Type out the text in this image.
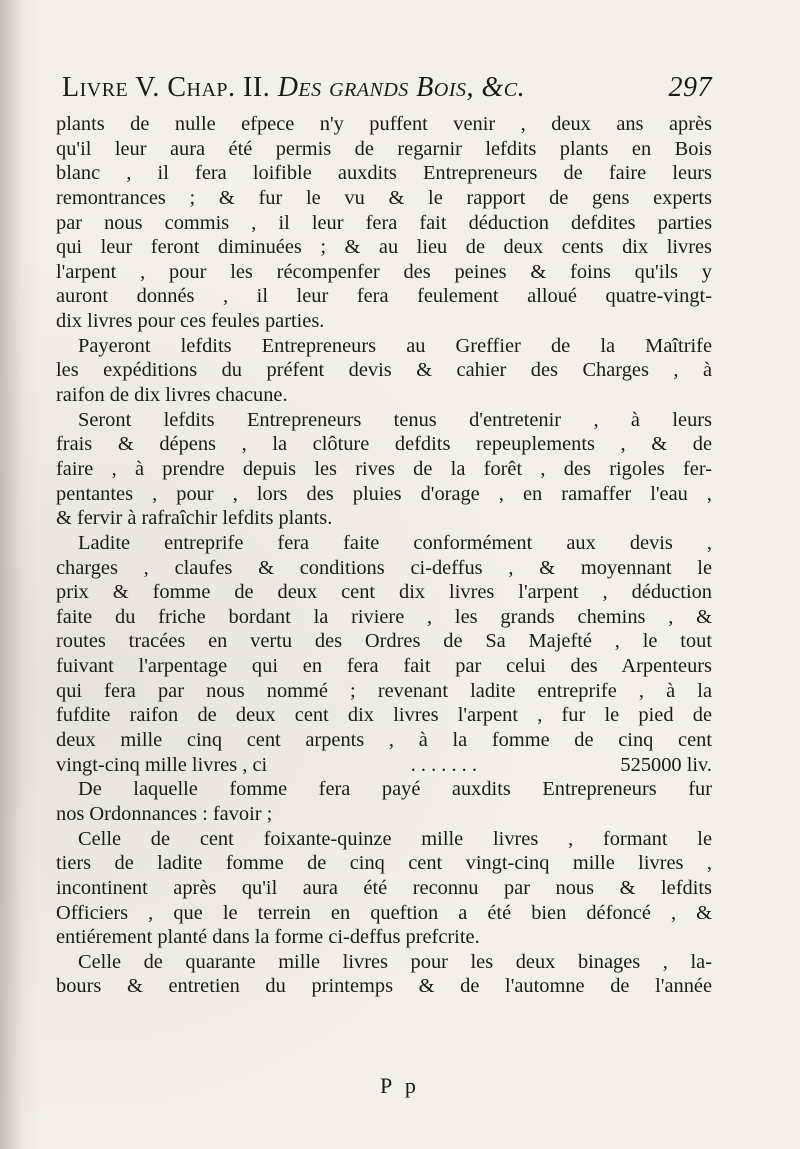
Livre V. Chap. II. Des grands Bois, &c.	297
plants de nulle efpece n'y puffent venir , deux ans après
qu'il leur aura été permis de regarnir lefdits plants en Bois
blanc , il fera loifible auxdits Entrepreneurs de faire leurs
remontrances ; & fur le vu & le rapport de gens experts
par nous commis , il leur fera fait déduction defdites parties
qui leur feront diminuées ; & au lieu de deux cents dix livres
l'arpent , pour les récompenfer des peines & foins qu'ils y
auront donnés , il leur fera feulement alloué quatre-vingt-
dix livres pour ces feules parties.
Payeront lefdits Entrepreneurs au Greffier de la Maîtrife
les expéditions du préfent devis & cahier des Charges , à
raifon de dix livres chacune.
Seront lefdits Entrepreneurs tenus d'entretenir , à leurs
frais & dépens , la clôture defdits repeuplements , & de
faire , à prendre depuis les rives de la forêt , des rigoles fer-
pentantes , pour , lors des pluies d'orage , en ramaffer l'eau ,
& fervir à rafraîchir lefdits plants.
Ladite entreprife fera faite conformément aux devis ,
charges , claufes & conditions ci-deffus , & moyennant le
prix & fomme de deux cent dix livres l'arpent , déduction
faite du friche bordant la riviere , les grands chemins , &
routes tracées en vertu des Ordres de Sa Majefté , le tout
fuivant l'arpentage qui en fera fait par celui des Arpenteurs
qui fera par nous nommé ; revenant ladite entreprife , à la
fufdite raifon de deux cent dix livres l'arpent , fur le pied de
deux mille cinq cent arpents , à la fomme de cinq cent
vingt-cinq mille livres , ci	. . . . . . .	525000 liv.
De laquelle fomme fera payé auxdits Entrepreneurs fur
nos Ordonnances : favoir ;
Celle de cent foixante-quinze mille livres , formant le
tiers de ladite fomme de cinq cent vingt-cinq mille livres ,
incontinent après qu'il aura été reconnu par nous & lefdits
Officiers , que le terrein en queftion a été bien défoncé , &
entiérement planté dans la forme ci-deffus prefcrite.
Celle de quarante mille livres pour les deux binages , la-
bours & entretien du printemps & de l'automne de l'année
P p
